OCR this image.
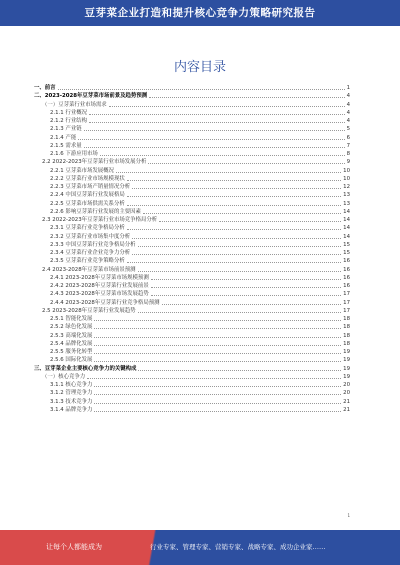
豆芽菜企业打造和提升核心竞争力策略研究报告
内容目录
一、前言	1
二、2023-2028年豆芽菜市场前景及趋势预测	4
（一）豆芽菜行业市场需求	4
2.1.1 行业概况	4
2.1.2 行业结构	4
2.1.3 产业链	5
2.1.4 产能	6
2.1.5 需求量	7
2.1.6 下游应用市场	8
2.2 2022-2023年豆芽菜行业市场发展分析	9
2.2.1 豆芽菜市场发展概况	10
2.2.2 豆芽菜行业市场规模现状	10
2.2.3 豆芽菜市场产销量情况分析	12
2.2.4 中国豆芽菜行业发展格局	13
2.2.5 豆芽菜市场供需关系分析	13
2.2.6 影响豆芽菜行业发展的主要因素	14
2.3 2022-2023年豆芽菜行业市场竞争格局分析	14
2.3.1 豆芽菜行业竞争格局分析	14
2.3.2 豆芽菜行业市场集中度分析	14
2.3.3 中国豆芽菜行业竞争格局分析	15
2.3.4 豆芽菜行业企业竞争力分析	15
2.3.5 豆芽菜行业竞争策略分析	16
2.4 2023-2028年豆芽菜市场前景预测	16
2.4.1 2023-2028年豆芽菜市场规模预测	16
2.4.2 2023-2028年豆芽菜行业发展前景	16
2.4.3 2023-2028年豆芽菜市场发展趋势	17
2.4.4 2023-2028年豆芽菜行业竞争格局预测	17
2.5 2023-2028年豆芽菜行业发展趋势	17
2.5.1 智能化发展	18
2.5.2 绿色化发展	18
2.5.3 高端化发展	18
2.5.4 品牌化发展	18
2.5.5 服务化转型	19
2.5.6 国际化发展	19
三、豆芽菜企业主要核心竞争力的关键构成	19
（一）核心竞争力	19
3.1.1 核心竞争力	20
3.1.2 管理竞争力	20
3.1.3 技术竞争力	21
3.1.4 品牌竞争力	21
1
让每个人都能成为	行业专家、管理专家、营销专家、战略专家、成功企业家……
